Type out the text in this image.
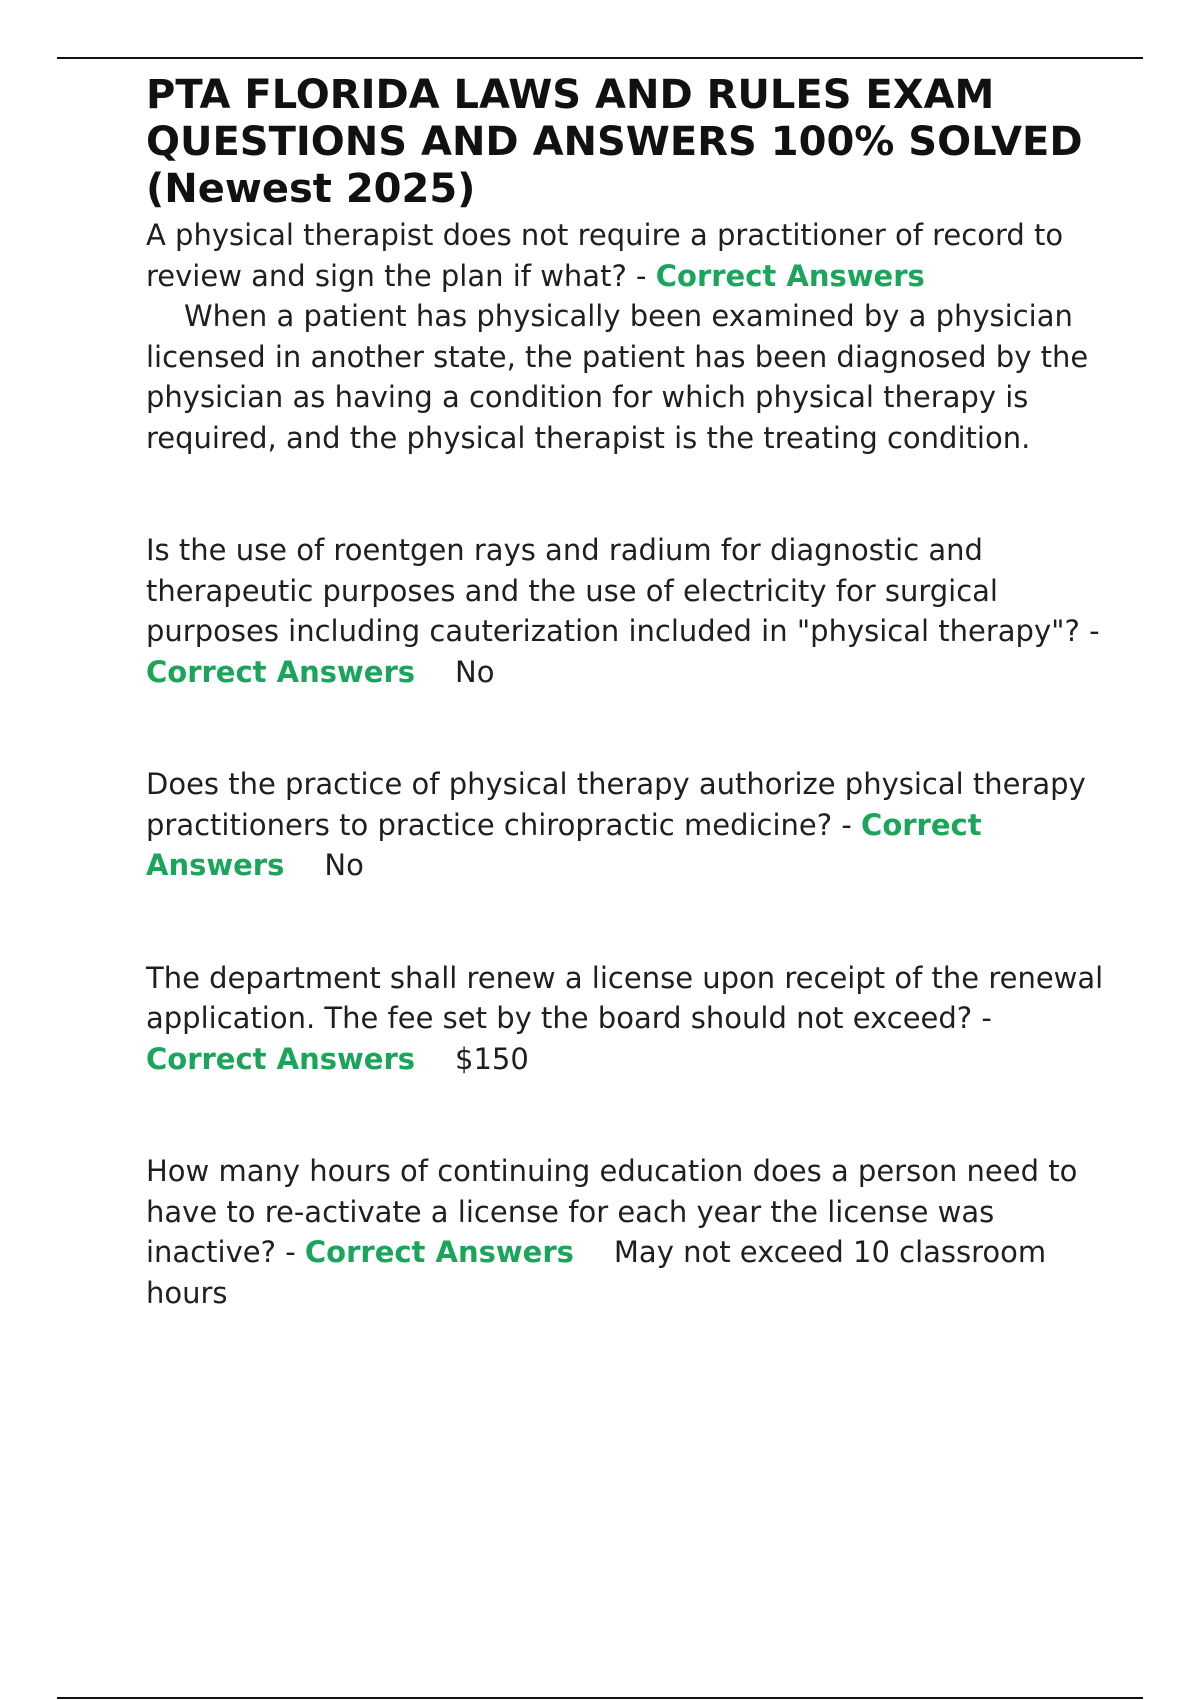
PTA FLORIDA LAWS AND RULES EXAM QUESTIONS AND ANSWERS 100% SOLVED (Newest 2025)

A physical therapist does not require a practitioner of record to review and sign the plan if what? - Correct Answers
When a patient has physically been examined by a physician licensed in another state, the patient has been diagnosed by the physician as having a condition for which physical therapy is required, and the physical therapist is the treating condition.

Is the use of roentgen rays and radium for diagnostic and therapeutic purposes and the use of electricity for surgical purposes including cauterization included in "physical therapy"? - Correct Answers No

Does the practice of physical therapy authorize physical therapy practitioners to practice chiropractic medicine? - Correct Answers No

The department shall renew a license upon receipt of the renewal application. The fee set by the board should not exceed? - Correct Answers $150

How many hours of continuing education does a person need to have to re-activate a license for each year the license was inactive? - Correct Answers May not exceed 10 classroom hours
